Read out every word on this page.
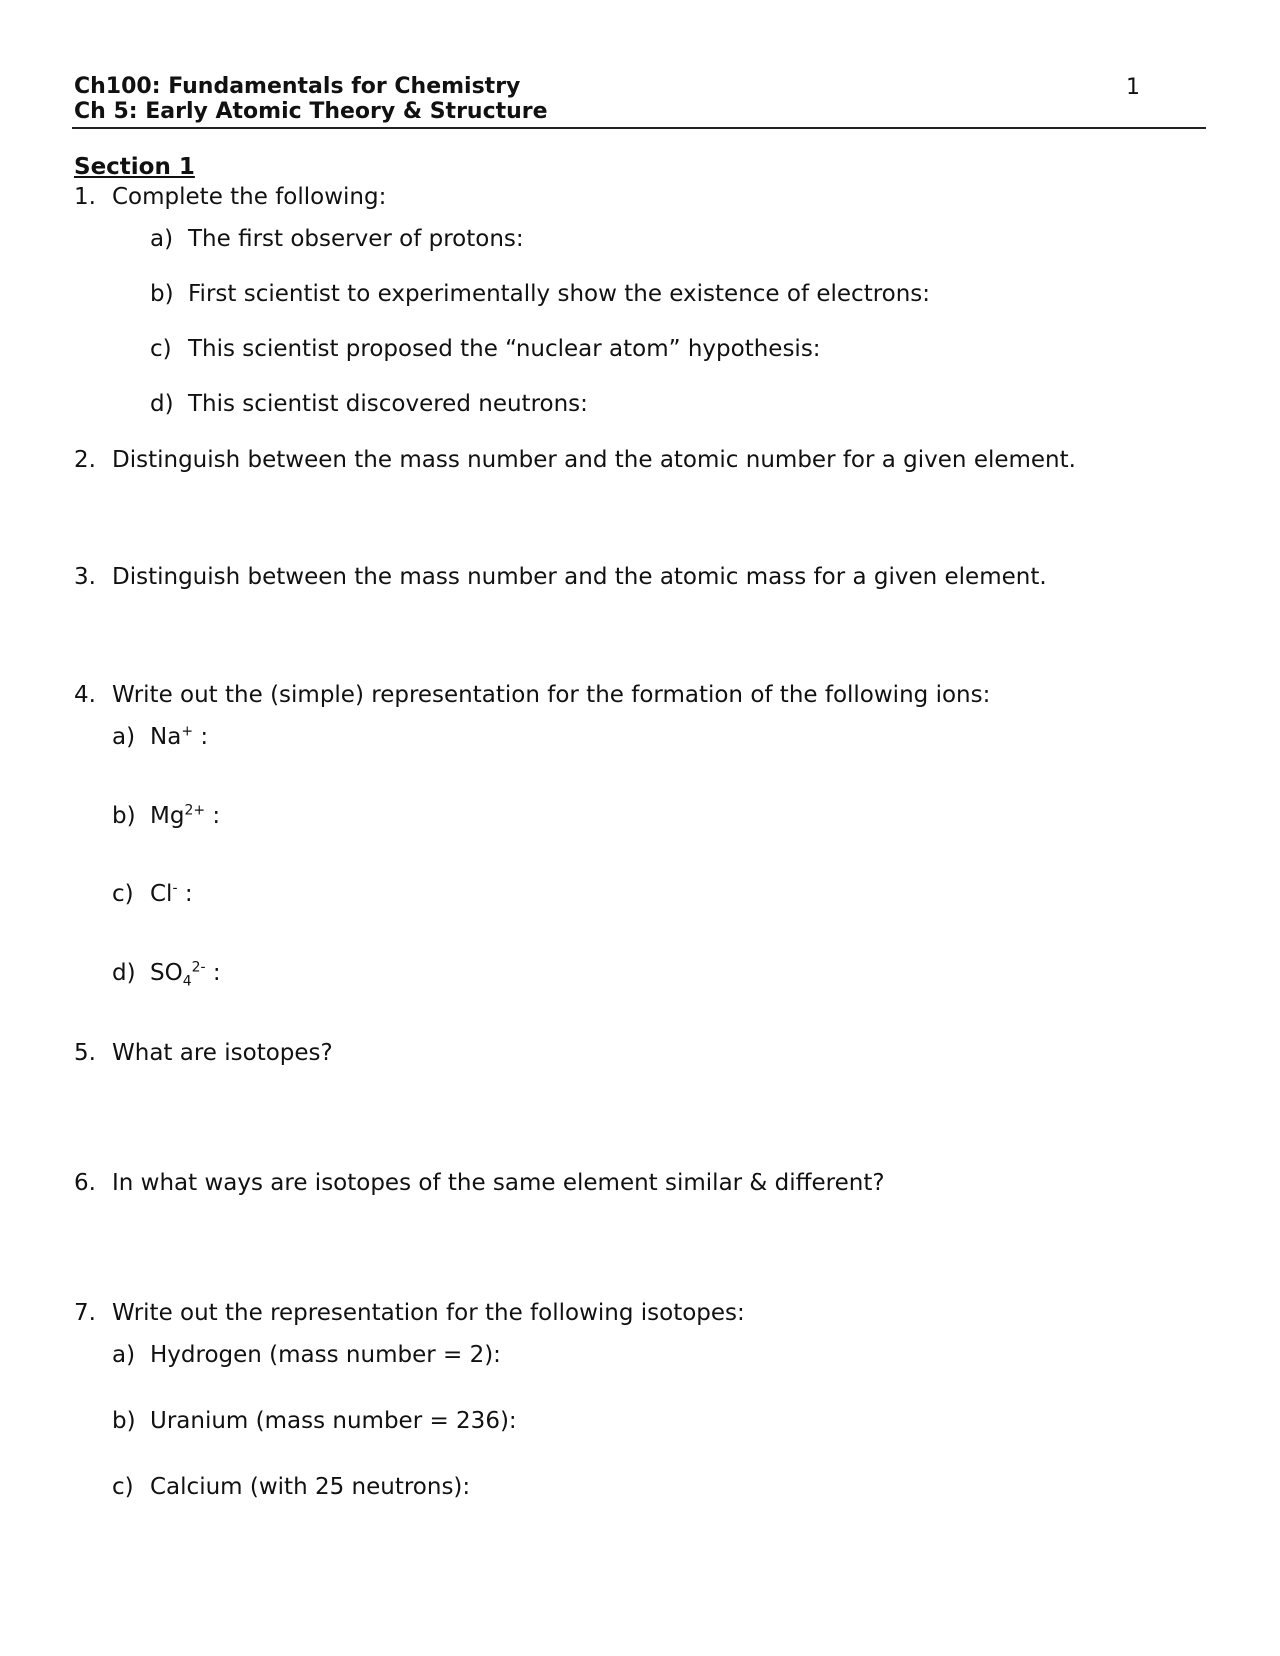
Ch100: Fundamentals for Chemistry
Ch 5: Early Atomic Theory & Structure
1
Section 1
1. Complete the following:
a) The first observer of protons:
b) First scientist to experimentally show the existence of electrons:
c) This scientist proposed the “nuclear atom” hypothesis:
d) This scientist discovered neutrons:
2. Distinguish between the mass number and the atomic number for a given element.
3. Distinguish between the mass number and the atomic mass for a given element.
4. Write out the (simple) representation for the formation of the following ions:
a) Na+ :
b) $Mg^{2+}$ :
c) Cl- :
d) $SO_4^{2-}$ :
5. What are isotopes?
6. In what ways are isotopes of the same element similar & different?
7. Write out the representation for the following isotopes:
a) Hydrogen (mass number = 2):
b) Uranium (mass number = 236):
c) Calcium (with 25 neutrons):
